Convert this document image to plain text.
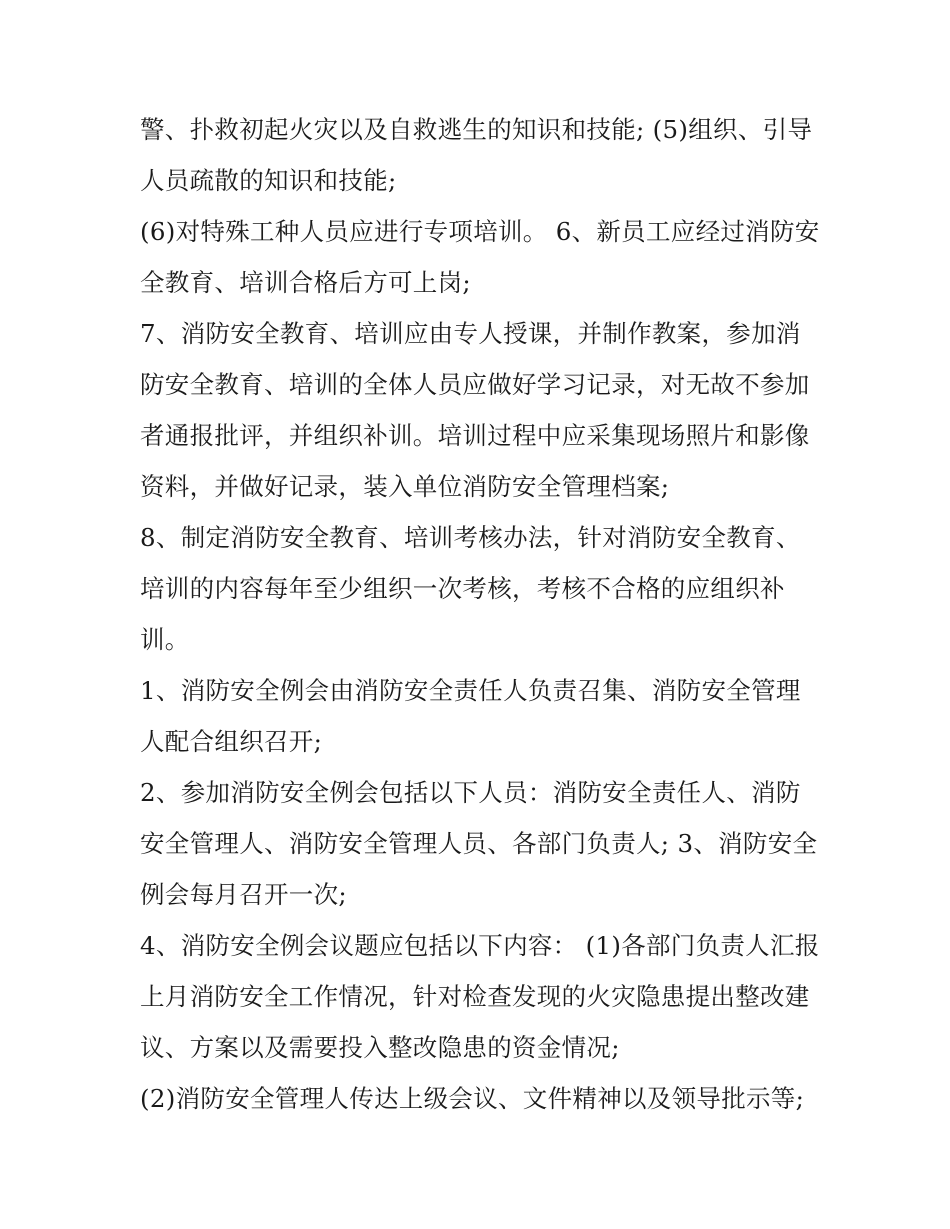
警、扑救初起火灾以及自救逃生的知识和技能; (5)组织、引导
人员疏散的知识和技能;

(6)对特殊工种人员应进行专项培训。 6、新员工应经过消防安
全教育、培训合格后方可上岗;

7、消防安全教育、培训应由专人授课，并制作教案，参加消
防安全教育、培训的全体人员应做好学习记录，对无故不参加
者通报批评，并组织补训。培训过程中应采集现场照片和影像
资料，并做好记录，装入单位消防安全管理档案;

8、制定消防安全教育、培训考核办法，针对消防安全教育、
培训的内容每年至少组织一次考核，考核不合格的应组织补
训。

1、消防安全例会由消防安全责任人负责召集、消防安全管理
人配合组织召开;

2、参加消防安全例会包括以下人员：消防安全责任人、消防
安全管理人、消防安全管理人员、各部门负责人; 3、消防安全
例会每月召开一次;

4、消防安全例会议题应包括以下内容： (1)各部门负责人汇报
上月消防安全工作情况，针对检查发现的火灾隐患提出整改建
议、方案以及需要投入整改隐患的资金情况;

(2)消防安全管理人传达上级会议、文件精神以及领导批示等;
